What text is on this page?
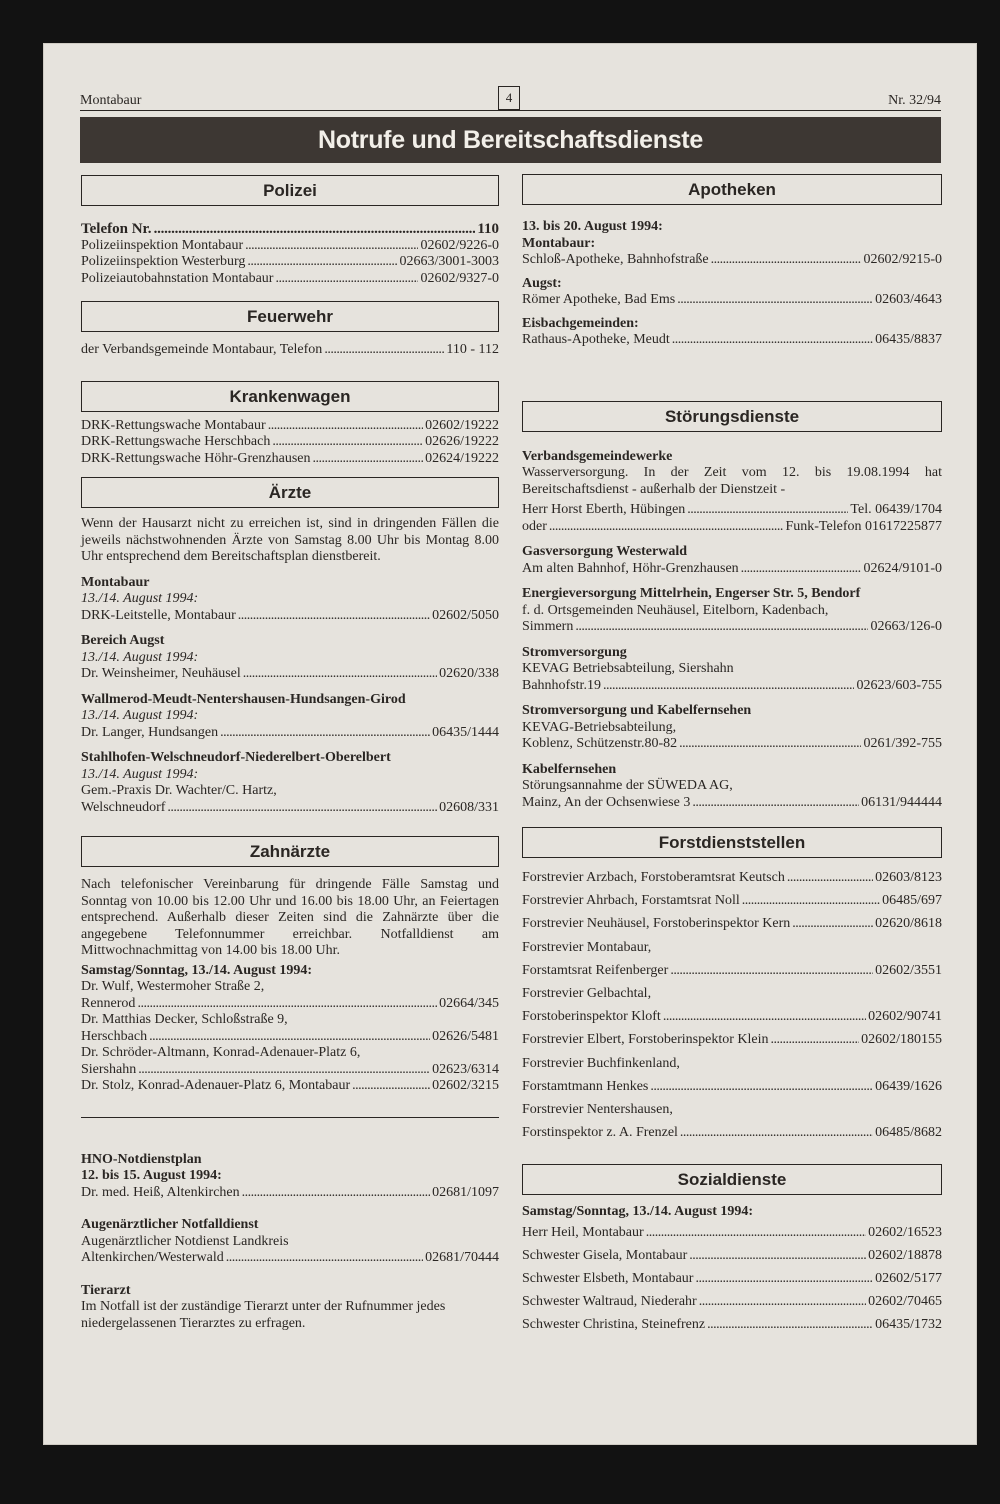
Montabaur	4	Nr. 32/94
Notrufe und Bereitschaftsdienste
Polizei
Telefon Nr. . . .	110
Polizeiinspektion Montabaur . . .	02602/9226-0
Polizeiinspektion Westerburg . . .	02663/3001-3003
Polizeiautobahnstation Montabaur . . .	02602/9327-0
Feuerwehr
der Verbandsgemeinde Montabaur, Telefon . . .	110 - 112
Krankenwagen
DRK-Rettungswache Montabaur . . .	02602/19222
DRK-Rettungswache Herschbach . . .	02626/19222
DRK-Rettungswache Höhr-Grenzhausen . . .	02624/19222
Ärzte

Wenn der Hausarzt nicht zu erreichen ist, sind in dringenden Fällen die jeweils nächstwohnenden Ärzte von Samstag 8.00 Uhr bis Montag 8.00 Uhr entsprechend dem Bereitschaftsplan dienstbereit.

Montabaur
13./14. August 1994:
DRK-Leitstelle, Montabaur . . .	02602/5050
Bereich Augst
13./14. August 1994:
Dr. Weinsheimer, Neuhäusel . . .	02620/338
Wallmerod-Meudt-Nentershausen-Hundsangen-Girod
13./14. August 1994:
Dr. Langer, Hundsangen . . .	06435/1444
Stahlhofen-Welschneudorf-Niederelbert-Oberelbert
13./14. August 1994:
Gem.-Praxis Dr. Wachter/C. Hartz,
Welschneudorf . . .	02608/331
Zahnärzte

Nach telefonischer Vereinbarung für dringende Fälle Samstag und Sonntag von 10.00 bis 12.00 Uhr und 16.00 bis 18.00 Uhr, an Feiertagen entsprechend. Außerhalb dieser Zeiten sind die Zahnärzte über die angegebene Telefonnummer erreichbar. Notfalldienst am Mittwochnachmittag von 14.00 bis 18.00 Uhr.

Samstag/Sonntag, 13./14. August 1994:
Dr. Wulf, Westermoher Straße 2,
Rennerod . . .	02664/345
Dr. Matthias Decker, Schloßstraße 9,
Herschbach . . .	02626/5481
Dr. Schröder-Altmann, Konrad-Adenauer-Platz 6,
Siershahn . . .	02623/6314
Dr. Stolz, Konrad-Adenauer-Platz 6, Montabaur . . .	02602/3215
HNO-Notdienstplan
12. bis 15. August 1994:
Dr. med. Heiß, Altenkirchen . . .	02681/1097
Augenärztlicher Notfalldienst
Augenärztlicher Notdienst Landkreis
Altenkirchen/Westerwald . . .	02681/70444
Tierarzt

Im Notfall ist der zuständige Tierarzt unter der Rufnummer jedes niedergelassenen Tierarztes zu erfragen.

Apotheken
13. bis 20. August 1994:
Montabaur:
Schloß-Apotheke, Bahnhofstraße . . .	02602/9215-0
Augst:
Römer Apotheke, Bad Ems . . .	02603/4643
Eisbachgemeinden:
Rathaus-Apotheke, Meudt . . .	06435/8837
Störungsdienste
Verbandsgemeindewerke

Wasserversorgung. In der Zeit vom 12. bis 19.08.1994 hat Bereitschaftsdienst - außerhalb der Dienstzeit -

Herr Horst Eberth, Hübingen . . .	Tel. 06439/1704
oder . . .	Funk-Telefon 01617225877
Gasversorgung Westerwald
Am alten Bahnhof, Höhr-Grenzhausen . . .	02624/9101-0
Energieversorgung Mittelrhein, Engerser Str. 5, Bendorf
f. d. Ortsgemeinden Neuhäusel, Eitelborn, Kadenbach,
Simmern . . .	02663/126-0
Stromversorgung
KEVAG Betriebsabteilung, Siershahn
Bahnhofstr.19 . . .	02623/603-755
Stromversorgung und Kabelfernsehen
KEVAG-Betriebsabteilung,
Koblenz, Schützenstr.80-82 . . .	0261/392-755
Kabelfernsehen
Störungsannahme der SÜWEDA AG,
Mainz, An der Ochsenwiese 3 . . .	06131/944444
Forstdienststellen
Forstrevier Arzbach, Forstoberamtsrat Keutsch . . .	02603/8123
Forstrevier Ahrbach, Forstamtsrat Noll . . .	06485/697
Forstrevier Neuhäusel, Forstoberinspektor Kern . . .	02620/8618
Forstrevier Montabaur,
Forstamtsrat Reifenberger . . .	02602/3551
Forstrevier Gelbachtal,
Forstoberinspektor Kloft . . .	02602/90741
Forstrevier Elbert, Forstoberinspektor Klein . . .	02602/180155
Forstrevier Buchfinkenland,
Forstamtmann Henkes . . .	06439/1626
Forstrevier Nentershausen,
Forstinspektor z. A. Frenzel . . .	06485/8682
Sozialdienste
Samstag/Sonntag, 13./14. August 1994:
Herr Heil, Montabaur . . .	02602/16523
Schwester Gisela, Montabaur . . .	02602/18878
Schwester Elsbeth, Montabaur . . .	02602/5177
Schwester Waltraud, Niederahr . . .	02602/70465
Schwester Christina, Steinefrenz . . .	06435/1732
